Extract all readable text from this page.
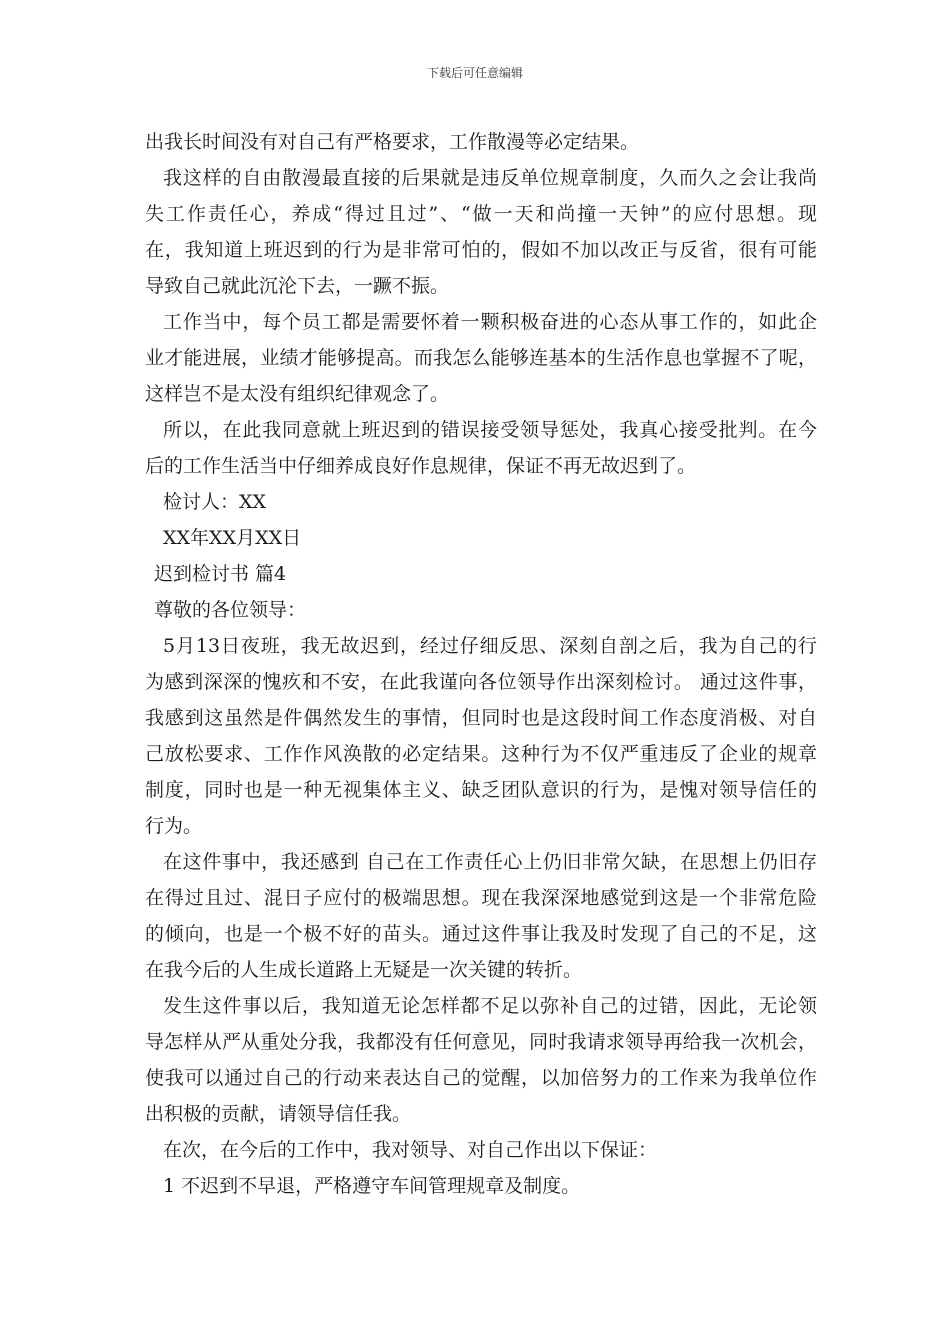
下载后可任意编辑
出我长时间没有对自己有严格要求，工作散漫等必定结果。
我这样的自由散漫最直接的后果就是违反单位规章制度，久而久之会让我尚
失工作责任心，养成“得过且过”、“做一天和尚撞一天钟”的应付思想。现
在，我知道上班迟到的行为是非常可怕的，假如不加以改正与反省，很有可能
导致自己就此沉沦下去，一蹶不振。
工作当中，每个员工都是需要怀着一颗积极奋进的心态从事工作的，如此企
业才能进展，业绩才能够提高。而我怎么能够连基本的生活作息也掌握不了呢，
这样岂不是太没有组织纪律观念了。
所以，在此我同意就上班迟到的错误接受领导惩处，我真心接受批判。在今
后的工作生活当中仔细养成良好作息规律，保证不再无故迟到了。
检讨人：XX
XX年XX月XX日
迟到检讨书 篇4
尊敬的各位领导：
5月13日夜班，我无故迟到，经过仔细反思、深刻自剖之后，我为自己的行
为感到深深的愧疚和不安，在此我谨向各位领导作出深刻检讨。 通过这件事，
我感到这虽然是件偶然发生的事情，但同时也是这段时间工作态度消极、对自
己放松要求、工作作风涣散的必定结果。这种行为不仅严重违反了企业的规章
制度，同时也是一种无视集体主义、缺乏团队意识的行为，是愧对领导信任的
行为。
在这件事中，我还感到 自己在工作责任心上仍旧非常欠缺，在思想上仍旧存
在得过且过、混日子应付的极端思想。现在我深深地感觉到这是一个非常危险
的倾向，也是一个极不好的苗头。通过这件事让我及时发现了自己的不足，这
在我今后的人生成长道路上无疑是一次关键的转折。
发生这件事以后，我知道无论怎样都不足以弥补自己的过错，因此，无论领
导怎样从严从重处分我，我都没有任何意见，同时我请求领导再给我一次机会，
使我可以通过自己的行动来表达自己的觉醒，以加倍努力的工作来为我单位作
出积极的贡献，请领导信任我。
在次，在今后的工作中，我对领导、对自己作出以下保证：
1 不迟到不早退，严格遵守车间管理规章及制度。
